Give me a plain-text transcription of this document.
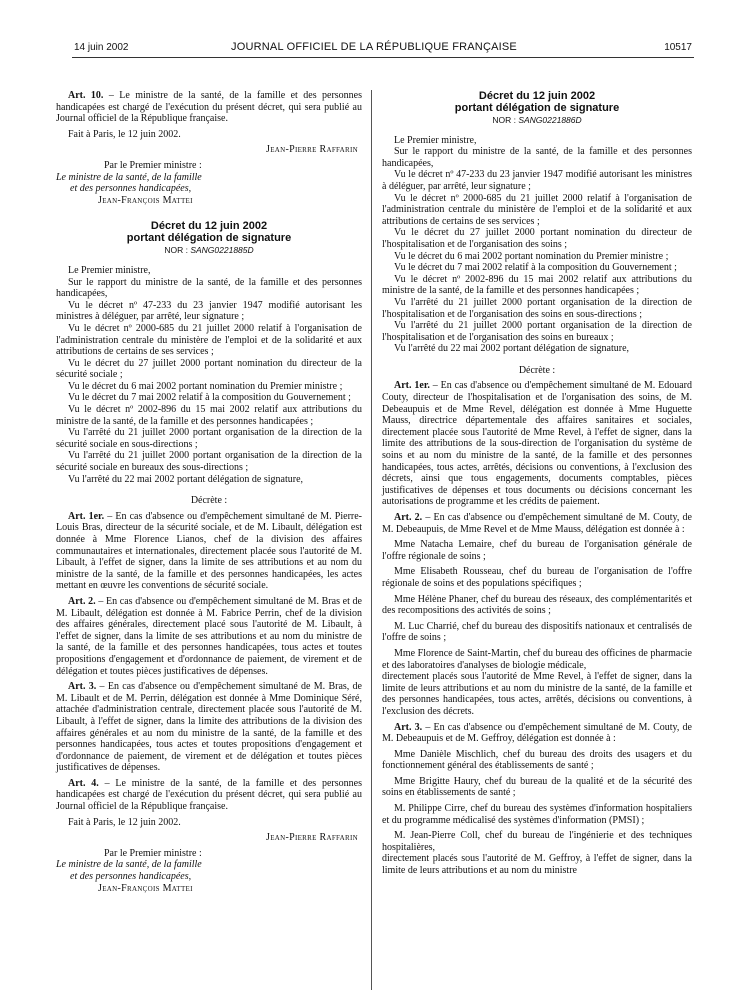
14 juin 2002	JOURNAL OFFICIEL DE LA RÉPUBLIQUE FRANÇAISE	10517

Art. 10. – Le ministre de la santé, de la famille et des personnes handicapées est chargé de l'exécution du présent décret, qui sera publié au Journal officiel de la République française.

Fait à Paris, le 12 juin 2002.

Jean-Pierre Raffarin

Par le Premier ministre :

Le ministre de la santé, de la famille

et des personnes handicapées,

Jean-François Mattei

Décret du 12 juin 2002

portant délégation de signature

NOR : SANG0221885D

Le Premier ministre,

Sur le rapport du ministre de la santé, de la famille et des personnes handicapées,

Vu le décret nº 47-233 du 23 janvier 1947 modifié autorisant les ministres à déléguer, par arrêté, leur signature ;

Vu le décret nº 2000-685 du 21 juillet 2000 relatif à l'organisation de l'administration centrale du ministère de l'emploi et de la solidarité et aux attributions de certains de ses services ;

Vu le décret du 27 juillet 2000 portant nomination du directeur de la sécurité sociale ;

Vu le décret du 6 mai 2002 portant nomination du Premier ministre ;

Vu le décret du 7 mai 2002 relatif à la composition du Gouvernement ;

Vu le décret nº 2002-896 du 15 mai 2002 relatif aux attributions du ministre de la santé, de la famille et des personnes handicapées ;

Vu l'arrêté du 21 juillet 2000 portant organisation de la direction de la sécurité sociale en sous-directions ;

Vu l'arrêté du 21 juillet 2000 portant organisation de la direction de la sécurité sociale en bureaux des sous-directions ;

Vu l'arrêté du 22 mai 2002 portant délégation de signature,

Décrète :

Art. 1er. – En cas d'absence ou d'empêchement simultané de M. Pierre-Louis Bras, directeur de la sécurité sociale, et de M. Libault, délégation est donnée à Mme Florence Lianos, chef de la division des affaires communautaires et internationales, directement placée sous l'autorité de M. Libault, à l'effet de signer, dans la limite de ses attributions et au nom du ministre de la santé, de la famille et des personnes handicapées, les actes mettant en œuvre les conventions de sécurité sociale.

Art. 2. – En cas d'absence ou d'empêchement simultané de M. Bras et de M. Libault, délégation est donnée à M. Fabrice Perrin, chef de la division des affaires générales, directement placé sous l'autorité de M. Libault, à l'effet de signer, dans la limite de ses attributions et au nom du ministre de la santé, de la famille et des personnes handicapées, tous actes et toutes propositions d'engagement et d'ordonnance de paiement, de virement et de délégation et toutes pièces justificatives de dépenses.

Art. 3. – En cas d'absence ou d'empêchement simultané de M. Bras, de M. Libault et de M. Perrin, délégation est donnée à Mme Dominique Séré, attachée d'administration centrale, directement placée sous l'autorité de M. Libault, à l'effet de signer, dans la limite des attributions de la division des affaires générales et au nom du ministre de la santé, de la famille et des personnes handicapées, tous actes et toutes propositions d'engagement et d'ordonnance de paiement, de virement et de délégation et toutes pièces justificatives de dépenses.

Art. 4. – Le ministre de la santé, de la famille et des personnes handicapées est chargé de l'exécution du présent décret, qui sera publié au Journal officiel de la République française.

Fait à Paris, le 12 juin 2002.

Jean-Pierre Raffarin

Par le Premier ministre :

Le ministre de la santé, de la famille

et des personnes handicapées,

Jean-François Mattei

Décret du 12 juin 2002

portant délégation de signature

NOR : SANG0221886D

Le Premier ministre,

Sur le rapport du ministre de la santé, de la famille et des personnes handicapées,

Vu le décret nº 47-233 du 23 janvier 1947 modifié autorisant les ministres à déléguer, par arrêté, leur signature ;

Vu le décret nº 2000-685 du 21 juillet 2000 relatif à l'organisation de l'administration centrale du ministère de l'emploi et de la solidarité et aux attributions de certains de ses services ;

Vu le décret du 27 juillet 2000 portant nomination du directeur de l'hospitalisation et de l'organisation des soins ;

Vu le décret du 6 mai 2002 portant nomination du Premier ministre ;

Vu le décret du 7 mai 2002 relatif à la composition du Gouvernement ;

Vu le décret nº 2002-896 du 15 mai 2002 relatif aux attributions du ministre de la santé, de la famille et des personnes handicapées ;

Vu l'arrêté du 21 juillet 2000 portant organisation de la direction de l'hospitalisation et de l'organisation des soins en sous-directions ;

Vu l'arrêté du 21 juillet 2000 portant organisation de la direction de l'hospitalisation et de l'organisation des soins en bureaux ;

Vu l'arrêté du 22 mai 2002 portant délégation de signature,

Décrète :

Art. 1er. – En cas d'absence ou d'empêchement simultané de M. Edouard Couty, directeur de l'hospitalisation et de l'organisation des soins, de M. Debeaupuis et de Mme Revel, délégation est donnée à Mme Huguette Mauss, directrice départementale des affaires sanitaires et sociales, directement placée sous l'autorité de Mme Revel, à l'effet de signer, dans la limite des attributions de la sous-direction de l'organisation du système de soins et au nom du ministre de la santé, de la famille et des personnes handicapées, tous actes, arrêtés, décisions ou conventions, à l'exclusion des décrets, ainsi que tous engagements, documents comptables, pièces justificatives de dépenses et tous documents ou décisions concernant les autorisations de programme et les crédits de paiement.

Art. 2. – En cas d'absence ou d'empêchement simultané de M. Couty, de M. Debeaupuis, de Mme Revel et de Mme Mauss, délégation est donnée à :

Mme Natacha Lemaire, chef du bureau de l'organisation générale de l'offre régionale de soins ;

Mme Elisabeth Rousseau, chef du bureau de l'organisation de l'offre régionale de soins et des populations spécifiques ;

Mme Hélène Phaner, chef du bureau des réseaux, des complémentarités et des recompositions des activités de soins ;

M. Luc Charrié, chef du bureau des dispositifs nationaux et centralisés de l'offre de soins ;

Mme Florence de Saint-Martin, chef du bureau des officines de pharmacie et des laboratoires d'analyses de biologie médicale,

directement placés sous l'autorité de Mme Revel, à l'effet de signer, dans la limite de leurs attributions et au nom du ministre de la santé, de la famille et des personnes handicapées, tous actes, arrêtés, décisions ou conventions, à l'exclusion des décrets.

Art. 3. – En cas d'absence ou d'empêchement simultané de M. Couty, de M. Debeaupuis et de M. Geffroy, délégation est donnée à :

Mme Danièle Mischlich, chef du bureau des droits des usagers et du fonctionnement général des établissements de santé ;

Mme Brigitte Haury, chef du bureau de la qualité et de la sécurité des soins en établissements de santé ;

M. Philippe Cirre, chef du bureau des systèmes d'information hospitaliers et du programme médicalisé des systèmes d'information (PMSI) ;

M. Jean-Pierre Coll, chef du bureau de l'ingénierie et des techniques hospitalières,

directement placés sous l'autorité de M. Geffroy, à l'effet de signer, dans la limite de leurs attributions et au nom du ministre
